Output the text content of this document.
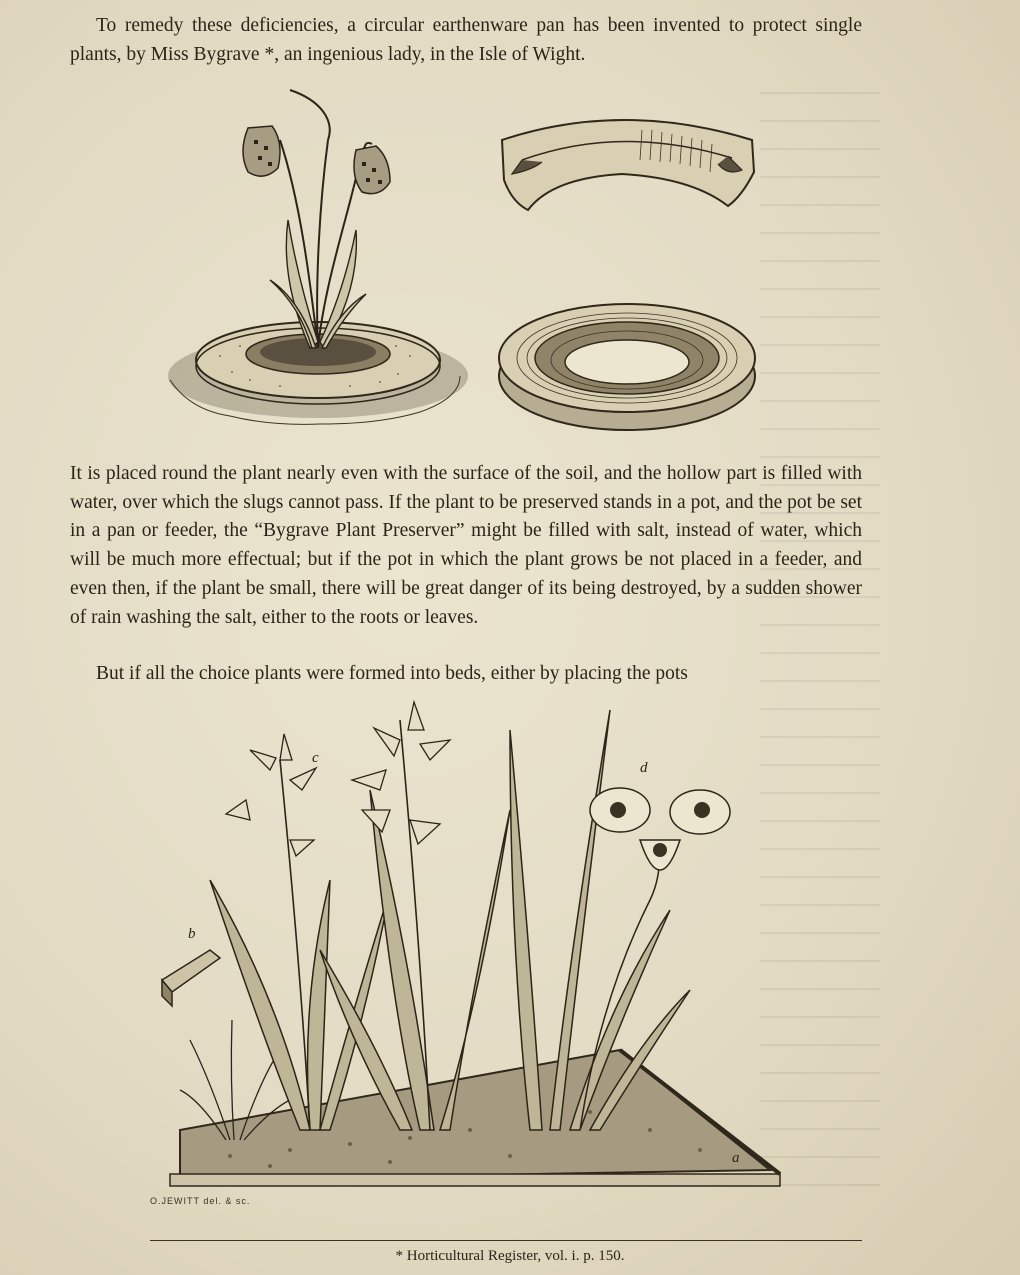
To remedy these deficiencies, a circular earthenware pan has been invented to protect single plants, by Miss Bygrave *, an ingenious lady, in the Isle of Wight.
It is placed round the plant nearly even with the surface of the soil, and the hollow part is filled with water, over which the slugs cannot pass. If the plant to be preserved stands in a pot, and the pot be set in a pan or feeder, the “Bygrave Plant Preserver” might be filled with salt, instead of water, which will be much more effectual; but if the pot in which the plant grows be not placed in a feeder, and even then, if the plant be small, there will be great danger of its being destroyed, by a sudden shower of rain washing the salt, either to the roots or leaves.
But if all the choice plants were formed into beds, either by placing the pots
b
c
d
a
O.JEWITT del. & sc.
* Horticultural Register, vol. i. p. 150.
